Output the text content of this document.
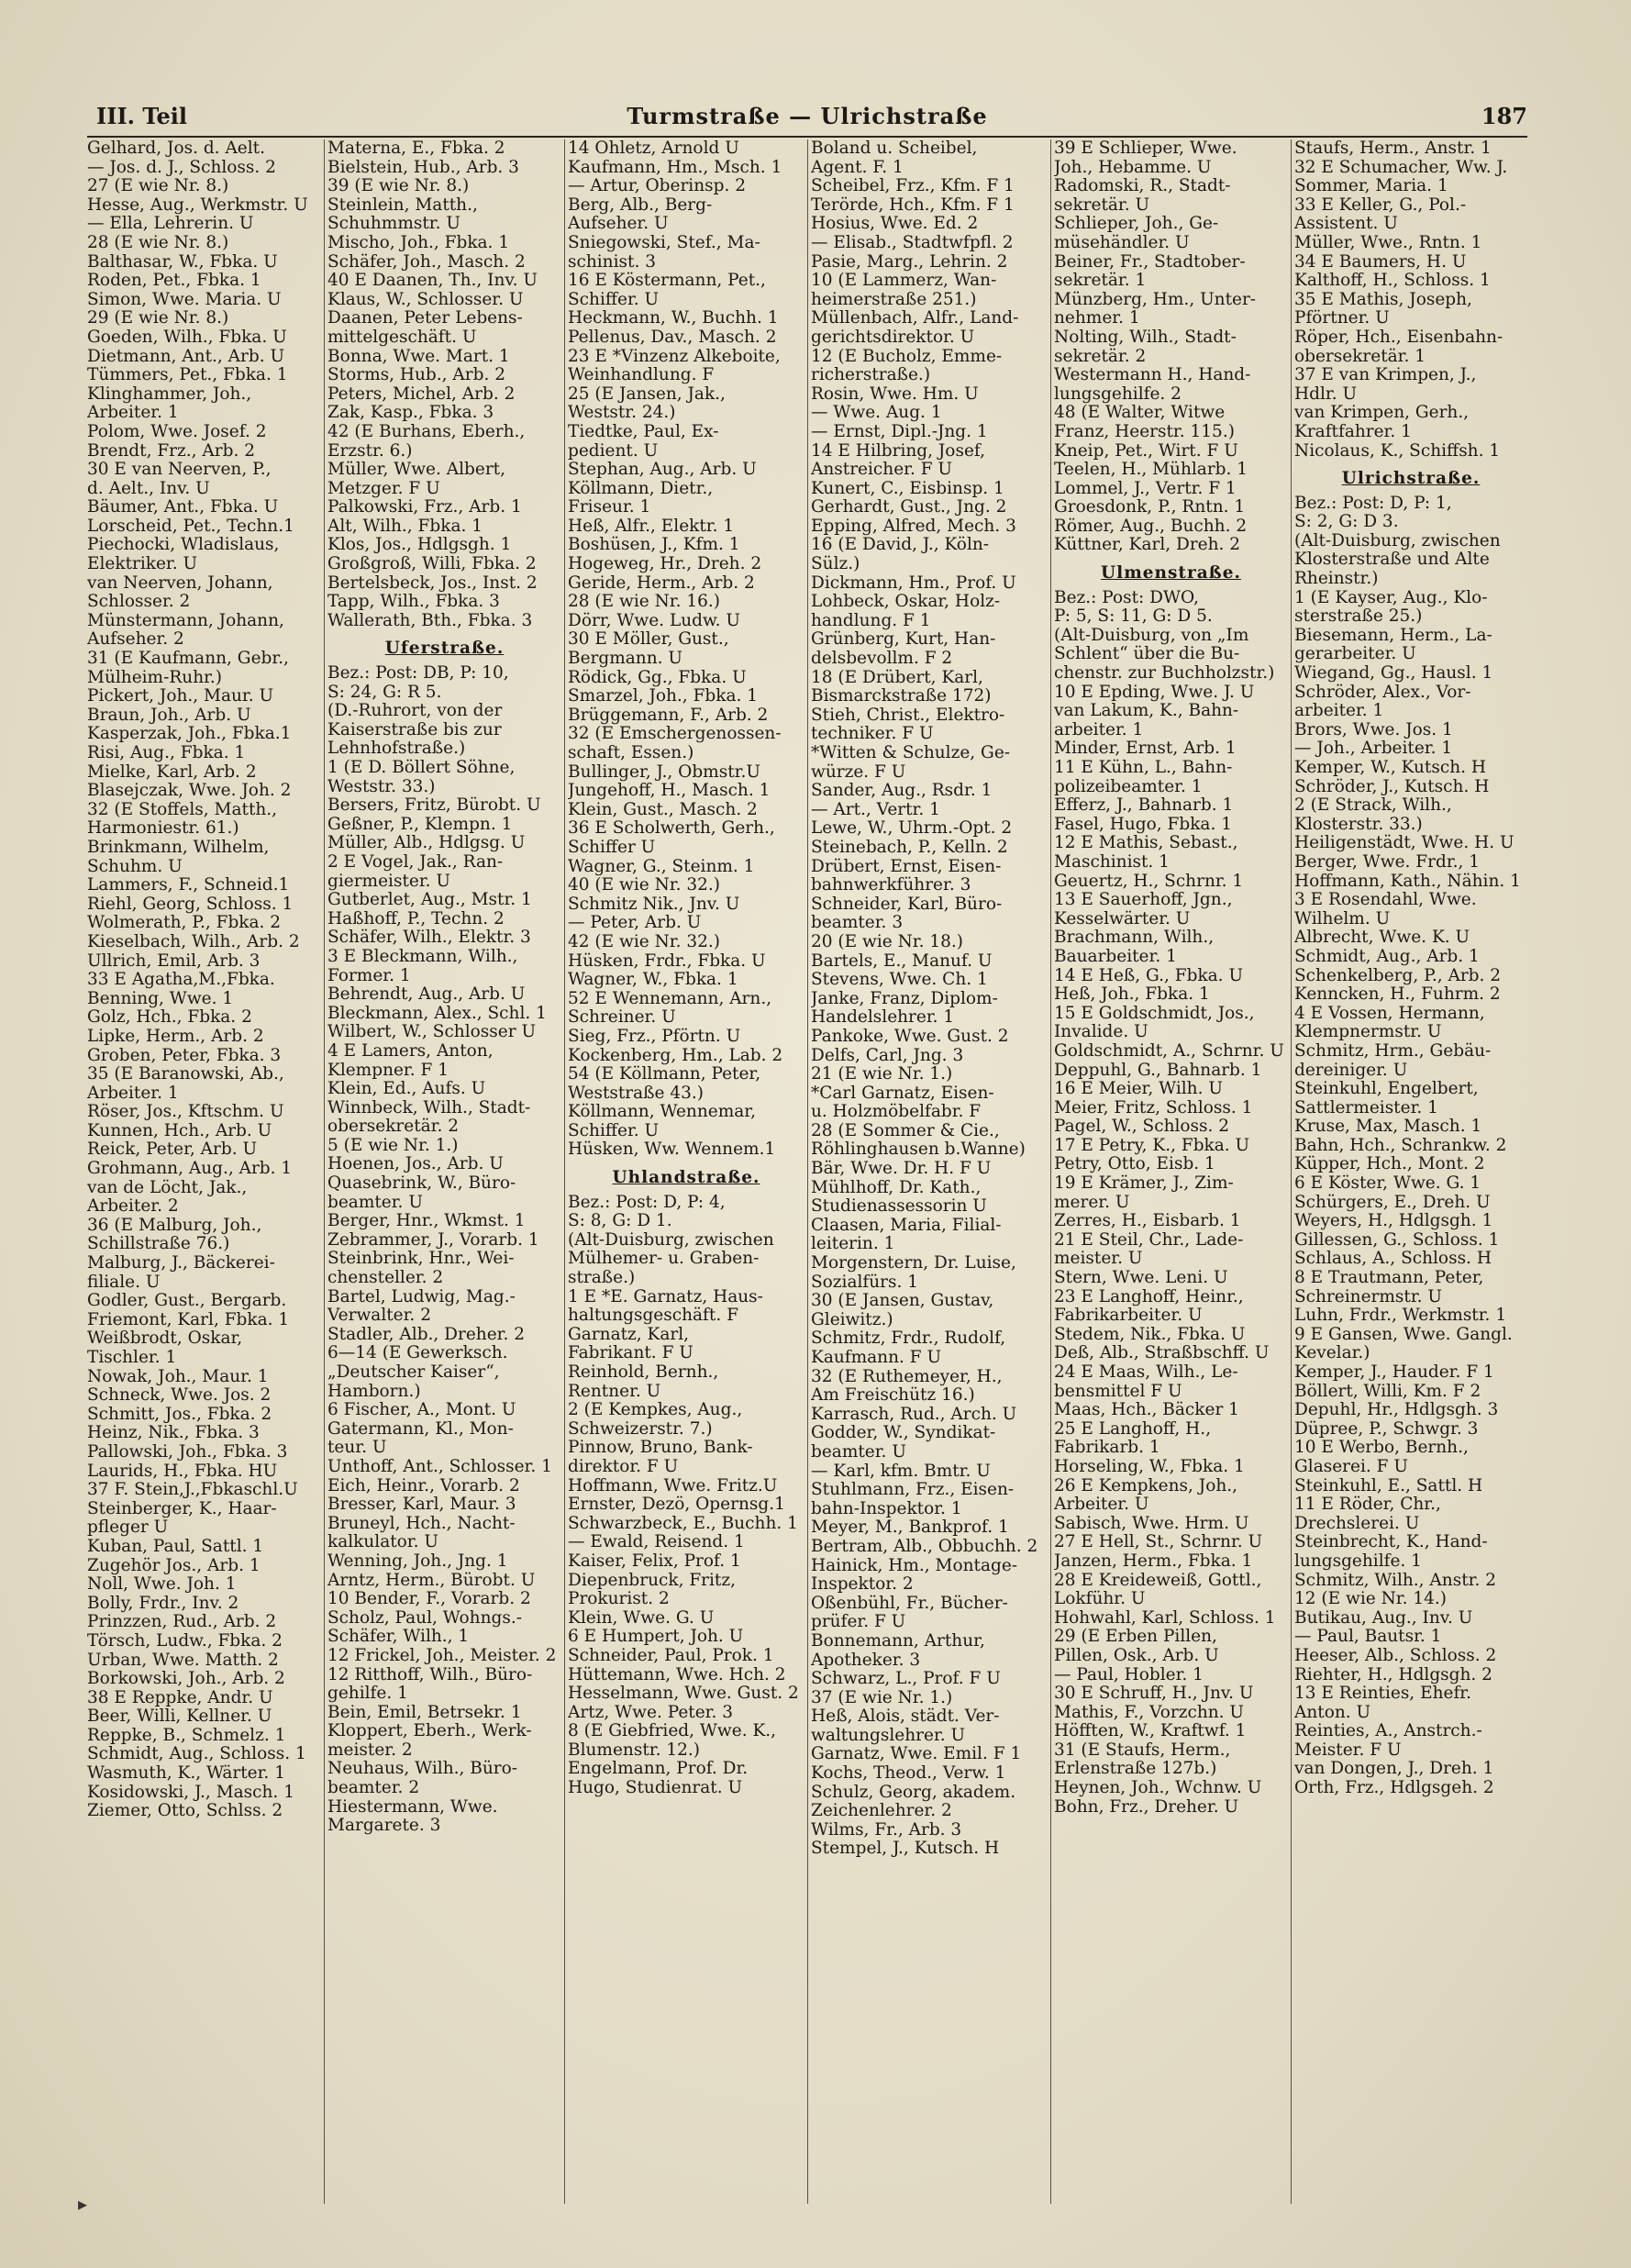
III. Teil	Turmstraße — Ulrichstraße	187
Gelhard, Jos. d. Aelt.
— Jos. d. J., Schloss. 2
27 (E wie Nr. 8.)
Hesse, Aug., Werkmstr. U
— Ella, Lehrerin. U
28 (E wie Nr. 8.)
Balthasar, W., Fbka. U
Roden, Pet., Fbka. 1
Simon, Wwe. Maria. U
29 (E wie Nr. 8.)
Goeden, Wilh., Fbka. U
Dietmann, Ant., Arb. U
Tümmers, Pet., Fbka. 1
Klinghammer, Joh.,
Arbeiter. 1
Polom, Wwe. Josef. 2
Brendt, Frz., Arb. 2
30 E van Neerven, P.,
d. Aelt., Inv. U
Bäumer, Ant., Fbka. U
Lorscheid, Pet., Techn.1
Piechocki, Wladislaus,
Elektriker. U
van Neerven, Johann,
Schlosser. 2
Münstermann, Johann,
Aufseher. 2
31 (E Kaufmann, Gebr.,
Mülheim-Ruhr.)
Pickert, Joh., Maur. U
Braun, Joh., Arb. U
Kasperzak, Joh., Fbka.1
Risi, Aug., Fbka. 1
Mielke, Karl, Arb. 2
Blasejczak, Wwe. Joh. 2
32 (E Stoffels, Matth.,
Harmoniestr. 61.)
Brinkmann, Wilhelm,
Schuhm. U
Lammers, F., Schneid.1
Riehl, Georg, Schloss. 1
Wolmerath, P., Fbka. 2
Kieselbach, Wilh., Arb. 2
Ullrich, Emil, Arb. 3
33 E Agatha,M.,Fbka.
Benning, Wwe. 1
Golz, Hch., Fbka. 2
Lipke, Herm., Arb. 2
Groben, Peter, Fbka. 3
35 (E Baranowski, Ab.,
Arbeiter. 1
Röser, Jos., Kftschm. U
Kunnen, Hch., Arb. U
Reick, Peter, Arb. U
Grohmann, Aug., Arb. 1
van de Löcht, Jak.,
Arbeiter. 2
36 (E Malburg, Joh.,
Schillstraße 76.)
Malburg, J., Bäckerei-
filiale. U
Godler, Gust., Bergarb.
Friemont, Karl, Fbka. 1
Weißbrodt, Oskar,
Tischler. 1
Nowak, Joh., Maur. 1
Schneck, Wwe. Jos. 2
Schmitt, Jos., Fbka. 2
Heinz, Nik., Fbka. 3
Pallowski, Joh., Fbka. 3
Laurids, H., Fbka. HU
37 F. Stein,J.,Fbkaschl.U
Steinberger, K., Haar-
pfleger U
Kuban, Paul, Sattl. 1
Zugehör Jos., Arb. 1
Noll, Wwe. Joh. 1
Bolly, Frdr., Inv. 2
Prinzzen, Rud., Arb. 2
Törsch, Ludw., Fbka. 2
Urban, Wwe. Matth. 2
Borkowski, Joh., Arb. 2
38 E Reppke, Andr. U
Beer, Willi, Kellner. U
Reppke, B., Schmelz. 1
Schmidt, Aug., Schloss. 1
Wasmuth, K., Wärter. 1
Kosidowski, J., Masch. 1
Ziemer, Otto, Schlss. 2
Materna, E., Fbka. 2
Bielstein, Hub., Arb. 3
39 (E wie Nr. 8.)
Steinlein, Matth.,
Schuhmmstr. U
Mischo, Joh., Fbka. 1
Schäfer, Joh., Masch. 2
40 E Daanen, Th., Inv. U
Klaus, W., Schlosser. U
Daanen, Peter Lebens-
mittelgeschäft. U
Bonna, Wwe. Mart. 1
Storms, Hub., Arb. 2
Peters, Michel, Arb. 2
Zak, Kasp., Fbka. 3
42 (E Burhans, Eberh.,
Erzstr. 6.)
Müller, Wwe. Albert,
Metzger. F U
Palkowski, Frz., Arb. 1
Alt, Wilh., Fbka. 1
Klos, Jos., Hdlgsgh. 1
Großgroß, Willi, Fbka. 2
Bertelsbeck, Jos., Inst. 2
Tapp, Wilh., Fbka. 3
Wallerath, Bth., Fbka. 3
Uferstraße.
Bez.: Post: DB, P: 10,
S: 24, G: R 5.
(D.-Ruhrort, von der
Kaiserstraße bis zur
Lehnhofstraße.)
1 (E D. Böllert Söhne,
Weststr. 33.)
Bersers, Fritz, Bürobt. U
Geßner, P., Klempn. 1
Müller, Alb., Hdlgsg. U
2 E Vogel, Jak., Ran-
giermeister. U
Gutberlet, Aug., Mstr. 1
Haßhoff, P., Techn. 2
Schäfer, Wilh., Elektr. 3
3 E Bleckmann, Wilh.,
Former. 1
Behrendt, Aug., Arb. U
Bleckmann, Alex., Schl. 1
Wilbert, W., Schlosser U
4 E Lamers, Anton,
Klempner. F 1
Klein, Ed., Aufs. U
Winnbeck, Wilh., Stadt-
obersekretär. 2
5 (E wie Nr. 1.)
Hoenen, Jos., Arb. U
Quasebrink, W., Büro-
beamter. U
Berger, Hnr., Wkmst. 1
Zebrammer, J., Vorarb. 1
Steinbrink, Hnr., Wei-
chensteller. 2
Bartel, Ludwig, Mag.-
Verwalter. 2
Stadler, Alb., Dreher. 2
6—14 (E Gewerksch.
„Deutscher Kaiser“,
Hamborn.)
6 Fischer, A., Mont. U
Gatermann, Kl., Mon-
teur. U
Unthoff, Ant., Schlosser. 1
Eich, Heinr., Vorarb. 2
Bresser, Karl, Maur. 3
Bruneyl, Hch., Nacht-
kalkulator. U
Wenning, Joh., Jng. 1
Arntz, Herm., Bürobt. U
10 Bender, F., Vorarb. 2
Scholz, Paul, Wohngs.-
Schäfer, Wilh., 1
12 Frickel, Joh., Meister. 2
12 Ritthoff, Wilh., Büro-
gehilfe. 1
Bein, Emil, Betrsekr. 1
Kloppert, Eberh., Werk-
meister. 2
Neuhaus, Wilh., Büro-
beamter. 2
Hiestermann, Wwe.
Margarete. 3
14 Ohletz, Arnold U
Kaufmann, Hm., Msch. 1
— Artur, Oberinsp. 2
Berg, Alb., Berg-
Aufseher. U
Sniegowski, Stef., Ma-
schinist. 3
16 E Köstermann, Pet.,
Schiffer. U
Heckmann, W., Buchh. 1
Pellenus, Dav., Masch. 2
23 E *Vinzenz Alkeboite,
Weinhandlung. F
25 (E Jansen, Jak.,
Weststr. 24.)
Tiedtke, Paul, Ex-
pedient. U
Stephan, Aug., Arb. U
Köllmann, Dietr.,
Friseur. 1
Heß, Alfr., Elektr. 1
Boshüsen, J., Kfm. 1
Hogeweg, Hr., Dreh. 2
Geride, Herm., Arb. 2
28 (E wie Nr. 16.)
Dörr, Wwe. Ludw. U
30 E Möller, Gust.,
Bergmann. U
Rödick, Gg., Fbka. U
Smarzel, Joh., Fbka. 1
Brüggemann, F., Arb. 2
32 (E Emschergenossen-
schaft, Essen.)
Bullinger, J., Obmstr.U
Jungehoff, H., Masch. 1
Klein, Gust., Masch. 2
36 E Scholwerth, Gerh.,
Schiffer U
Wagner, G., Steinm. 1
40 (E wie Nr. 32.)
Schmitz Nik., Jnv. U
— Peter, Arb. U
42 (E wie Nr. 32.)
Hüsken, Frdr., Fbka. U
Wagner, W., Fbka. 1
52 E Wennemann, Arn.,
Schreiner. U
Sieg, Frz., Pförtn. U
Kockenberg, Hm., Lab. 2
54 (E Köllmann, Peter,
Weststraße 43.)
Köllmann, Wennemar,
Schiffer. U
Hüsken, Ww. Wennem.1
Uhlandstraße.
Bez.: Post: D, P: 4,
S: 8, G: D 1.
(Alt-Duisburg, zwischen
Mülhemer- u. Graben-
straße.)
1 E *E. Garnatz, Haus-
haltungsgeschäft. F
Garnatz, Karl,
Fabrikant. F U
Reinhold, Bernh.,
Rentner. U
2 (E Kempkes, Aug.,
Schweizerstr. 7.)
Pinnow, Bruno, Bank-
direktor. F U
Hoffmann, Wwe. Fritz.U
Ernster, Dezö, Opernsg.1
Schwarzbeck, E., Buchh. 1
— Ewald, Reisend. 1
Kaiser, Felix, Prof. 1
Diepenbruck, Fritz,
Prokurist. 2
Klein, Wwe. G. U
6 E Humpert, Joh. U
Schneider, Paul, Prok. 1
Hüttemann, Wwe. Hch. 2
Hesselmann, Wwe. Gust. 2
Artz, Wwe. Peter. 3
8 (E Giebfried, Wwe. K.,
Blumenstr. 12.)
Engelmann, Prof. Dr.
Hugo, Studienrat. U
Boland u. Scheibel,
Agent. F. 1
Scheibel, Frz., Kfm. F 1
Terörde, Hch., Kfm. F 1
Hosius, Wwe. Ed. 2
— Elisab., Stadtwfpfl. 2
Pasie, Marg., Lehrin. 2
10 (E Lammerz, Wan-
heimerstraße 251.)
Müllenbach, Alfr., Land-
gerichtsdirektor. U
12 (E Bucholz, Emme-
richerstraße.)
Rosin, Wwe. Hm. U
— Wwe. Aug. 1
— Ernst, Dipl.-Jng. 1
14 E Hilbring, Josef,
Anstreicher. F U
Kunert, C., Eisbinsp. 1
Gerhardt, Gust., Jng. 2
Epping, Alfred, Mech. 3
16 (E David, J., Köln-
Sülz.)
Dickmann, Hm., Prof. U
Lohbeck, Oskar, Holz-
handlung. F 1
Grünberg, Kurt, Han-
delsbevollm. F 2
18 (E Drübert, Karl,
Bismarckstraße 172)
Stieh, Christ., Elektro-
techniker. F U
*Witten & Schulze, Ge-
würze. F U
Sander, Aug., Rsdr. 1
— Art., Vertr. 1
Lewe, W., Uhrm.-Opt. 2
Steinebach, P., Kelln. 2
Drübert, Ernst, Eisen-
bahnwerkführer. 3
Schneider, Karl, Büro-
beamter. 3
20 (E wie Nr. 18.)
Bartels, E., Manuf. U
Stevens, Wwe. Ch. 1
Janke, Franz, Diplom-
Handelslehrer. 1
Pankoke, Wwe. Gust. 2
Delfs, Carl, Jng. 3
21 (E wie Nr. 1.)
*Carl Garnatz, Eisen-
u. Holzmöbelfabr. F
28 (E Sommer & Cie.,
Röhlinghausen b.Wanne)
Bär, Wwe. Dr. H. F U
Mühlhoff, Dr. Kath.,
Studienassessorin U
Claasen, Maria, Filial-
leiterin. 1
Morgenstern, Dr. Luise,
Sozialfürs. 1
30 (E Jansen, Gustav,
Gleiwitz.)
Schmitz, Frdr., Rudolf,
Kaufmann. F U
32 (E Ruthemeyer, H.,
Am Freischütz 16.)
Karrasch, Rud., Arch. U
Godder, W., Syndikat-
beamter. U
— Karl, kfm. Bmtr. U
Stuhlmann, Frz., Eisen-
bahn-Inspektor. 1
Meyer, M., Bankprof. 1
Bertram, Alb., Obbuchh. 2
Hainick, Hm., Montage-
Inspektor. 2
Oßenbühl, Fr., Bücher-
prüfer. F U
Bonnemann, Arthur,
Apotheker. 3
Schwarz, L., Prof. F U
37 (E wie Nr. 1.)
Heß, Alois, städt. Ver-
waltungslehrer. U
Garnatz, Wwe. Emil. F 1
Kochs, Theod., Verw. 1
Schulz, Georg, akadem.
Zeichenlehrer. 2
Wilms, Fr., Arb. 3
Stempel, J., Kutsch. H
39 E Schlieper, Wwe.
Joh., Hebamme. U
Radomski, R., Stadt-
sekretär. U
Schlieper, Joh., Ge-
müsehändler. U
Beiner, Fr., Stadtober-
sekretär. 1
Münzberg, Hm., Unter-
nehmer. 1
Nolting, Wilh., Stadt-
sekretär. 2
Westermann H., Hand-
lungsgehilfe. 2
48 (E Walter, Witwe
Franz, Heerstr. 115.)
Kneip, Pet., Wirt. F U
Teelen, H., Mühlarb. 1
Lommel, J., Vertr. F 1
Groesdonk, P., Rntn. 1
Römer, Aug., Buchh. 2
Küttner, Karl, Dreh. 2
Ulmenstraße.
Bez.: Post: DWO,
P: 5, S: 11, G: D 5.
(Alt-Duisburg, von „Im
Schlent“ über die Bu-
chenstr. zur Buchholzstr.)
10 E Epding, Wwe. J. U
van Lakum, K., Bahn-
arbeiter. 1
Minder, Ernst, Arb. 1
11 E Kühn, L., Bahn-
polizeibeamter. 1
Efferz, J., Bahnarb. 1
Fasel, Hugo, Fbka. 1
12 E Mathis, Sebast.,
Maschinist. 1
Geuertz, H., Schrnr. 1
13 E Sauerhoff, Jgn.,
Kesselwärter. U
Brachmann, Wilh.,
Bauarbeiter. 1
14 E Heß, G., Fbka. U
Heß, Joh., Fbka. 1
15 E Goldschmidt, Jos.,
Invalide. U
Goldschmidt, A., Schrnr. U
Deppuhl, G., Bahnarb. 1
16 E Meier, Wilh. U
Meier, Fritz, Schloss. 1
Pagel, W., Schloss. 2
17 E Petry, K., Fbka. U
Petry, Otto, Eisb. 1
19 E Krämer, J., Zim-
merer. U
Zerres, H., Eisbarb. 1
21 E Steil, Chr., Lade-
meister. U
Stern, Wwe. Leni. U
23 E Langhoff, Heinr.,
Fabrikarbeiter. U
Stedem, Nik., Fbka. U
Deß, Alb., Straßbschff. U
24 E Maas, Wilh., Le-
bensmittel F U
Maas, Hch., Bäcker 1
25 E Langhoff, H.,
Fabrikarb. 1
Horseling, W., Fbka. 1
26 E Kempkens, Joh.,
Arbeiter. U
Sabisch, Wwe. Hrm. U
27 E Hell, St., Schrnr. U
Janzen, Herm., Fbka. 1
28 E Kreideweiß, Gottl.,
Lokführ. U
Hohwahl, Karl, Schloss. 1
29 (E Erben Pillen,
Pillen, Osk., Arb. U
— Paul, Hobler. 1
30 E Schruff, H., Jnv. U
Mathis, F., Vorzchn. U
Höfften, W., Kraftwf. 1
31 (E Staufs, Herm.,
Erlenstraße 127b.)
Heynen, Joh., Wchnw. U
Bohn, Frz., Dreher. U
Staufs, Herm., Anstr. 1
32 E Schumacher, Ww. J.
Sommer, Maria. 1
33 E Keller, G., Pol.-
Assistent. U
Müller, Wwe., Rntn. 1
34 E Baumers, H. U
Kalthoff, H., Schloss. 1
35 E Mathis, Joseph,
Pförtner. U
Röper, Hch., Eisenbahn-
obersekretär. 1
37 E van Krimpen, J.,
Hdlr. U
van Krimpen, Gerh.,
Kraftfahrer. 1
Nicolaus, K., Schiffsh. 1
Ulrichstraße.
Bez.: Post: D, P: 1,
S: 2, G: D 3.
(Alt-Duisburg, zwischen
Klosterstraße und Alte
Rheinstr.)
1 (E Kayser, Aug., Klo-
sterstraße 25.)
Biesemann, Herm., La-
gerarbeiter. U
Wiegand, Gg., Hausl. 1
Schröder, Alex., Vor-
arbeiter. 1
Brors, Wwe. Jos. 1
— Joh., Arbeiter. 1
Kemper, W., Kutsch. H
Schröder, J., Kutsch. H
2 (E Strack, Wilh.,
Klosterstr. 33.)
Heiligenstädt, Wwe. H. U
Berger, Wwe. Frdr., 1
Hoffmann, Kath., Nähin. 1
3 E Rosendahl, Wwe.
Wilhelm. U
Albrecht, Wwe. K. U
Schmidt, Aug., Arb. 1
Schenkelberg, P., Arb. 2
Kenncken, H., Fuhrm. 2
4 E Vossen, Hermann,
Klempnermstr. U
Schmitz, Hrm., Gebäu-
dereiniger. U
Steinkuhl, Engelbert,
Sattlermeister. 1
Kruse, Max, Masch. 1
Bahn, Hch., Schrankw. 2
Küpper, Hch., Mont. 2
6 E Köster, Wwe. G. 1
Schürgers, E., Dreh. U
Weyers, H., Hdlgsgh. 1
Gillessen, G., Schloss. 1
Schlaus, A., Schloss. H
8 E Trautmann, Peter,
Schreinermstr. U
Luhn, Frdr., Werkmstr. 1
9 E Gansen, Wwe. Gangl.
Kevelar.)
Kemper, J., Hauder. F 1
Böllert, Willi, Km. F 2
Depuhl, Hr., Hdlgsgh. 3
Düpree, P., Schwgr. 3
10 E Werbo, Bernh.,
Glaserei. F U
Steinkuhl, E., Sattl. H
11 E Röder, Chr.,
Drechslerei. U
Steinbrecht, K., Hand-
lungsgehilfe. 1
Schmitz, Wilh., Anstr. 2
12 (E wie Nr. 14.)
Butikau, Aug., Inv. U
— Paul, Bautsr. 1
Heeser, Alb., Schloss. 2
Riehter, H., Hdlgsgh. 2
13 E Reinties, Ehefr.
Anton. U
Reinties, A., Anstrch.-
Meister. F U
van Dongen, J., Dreh. 1
Orth, Frz., Hdlgsgeh. 2
▸
